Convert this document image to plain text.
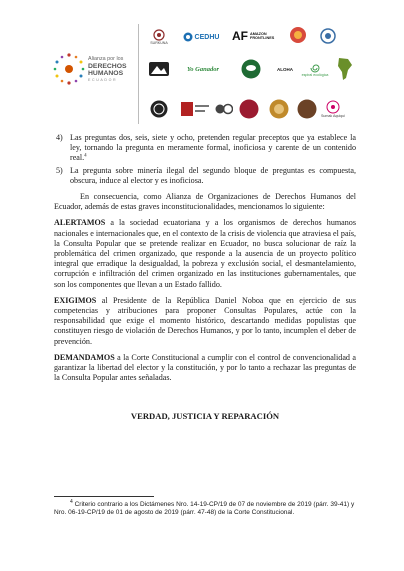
Alianza por los
DERECHOS
HUMANOS
ECUADOR
SURKUNA
CEDHU AF AMAZON FRONTLINES
Yo Ganador	ALOHA
espiral ecológica
Sumak Aquiqui
4) Las preguntas dos, seis, siete y ocho, pretenden regular preceptos que ya establece la ley, tornando la pregunta en meramente formal, inoficiosa y carente de un contenido real.$^4$
5) La pregunta sobre minería ilegal del segundo bloque de preguntas es compuesta, obscura, induce al elector y es inoficiosa.

En consecuencia, como Alianza de Organizaciones de Derechos Humanos del Ecuador, además de estas graves inconstitucionalidades, mencionamos lo siguiente:

ALERTAMOS a la sociedad ecuatoriana y a los organismos de derechos humanos nacionales e internacionales que, en el contexto de la crisis de violencia que atraviesa el país, la Consulta Popular que se pretende realizar en Ecuador, no busca solucionar de raíz la problemática del crimen organizado, que responde a la ausencia de un proyecto político integral que erradique la desigualdad, la pobreza y exclusión social, el desmantelamiento, corrupción e infiltración del crimen organizado en las instituciones gubernamentales, que son los componentes que llevan a un Estado fallido.

EXIGIMOS al Presidente de la República Daniel Noboa que en ejercicio de sus competencias y atribuciones para proponer Consultas Populares, actúe con la responsabilidad que exige el momento histórico, descartando medidas populistas que constituyen riesgo de violación de Derechos Humanos, y por lo tanto, incumplen el deber de prevención.

DEMANDAMOS a la Corte Constitucional a cumplir con el control de convencionalidad a garantizar la libertad del elector y la constitución, y por lo tanto a rechazar las preguntas de la Consulta Popular antes señaladas.

VERDAD, JUSTICIA Y REPARACIÓN

$^4$ Criterio contrario a los Dictámenes Nro. 14-19-CP/19 de 07 de noviembre de 2019 (párr. 39-41) y Nro. 06-19-CP/19 de 01 de agosto de 2019 (párr. 47-48) de la Corte Constitucional.
